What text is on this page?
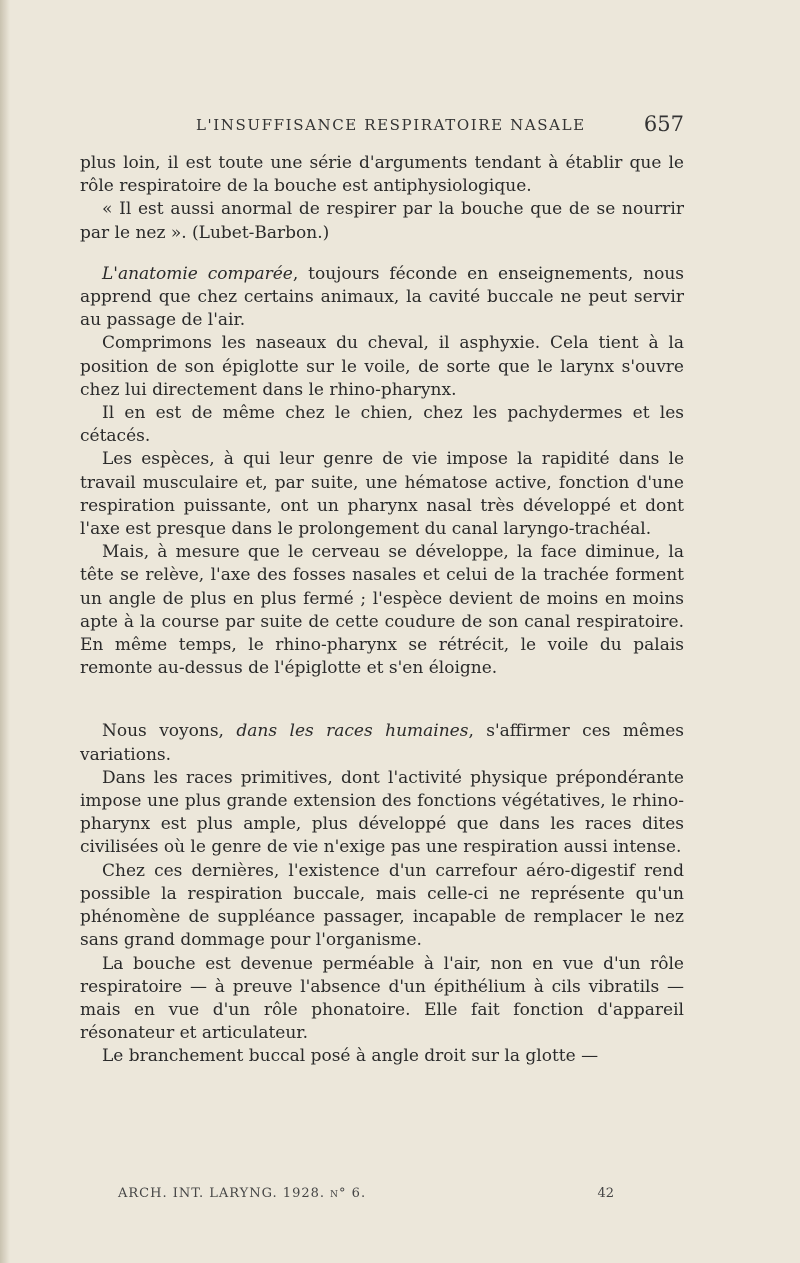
L'INSUFFISANCE RESPIRATOIRE NASALE	657

plus loin, il est toute une série d'arguments tendant à établir que le rôle respiratoire de la bouche est antiphysiologique.

« Il est aussi anormal de respirer par la bouche que de se nourrir par le nez ». (Lubet-Barbon.)

L'anatomie comparée, toujours féconde en enseignements, nous apprend que chez certains animaux, la cavité buccale ne peut servir au passage de l'air.

Comprimons les naseaux du cheval, il asphyxie. Cela tient à la position de son épiglotte sur le voile, de sorte que le larynx s'ouvre chez lui directement dans le rhino-pharynx.

Il en est de même chez le chien, chez les pachydermes et les cétacés.

Les espèces, à qui leur genre de vie impose la rapidité dans le travail musculaire et, par suite, une hématose active, fonction d'une respiration puissante, ont un pharynx nasal très développé et dont l'axe est presque dans le prolongement du canal laryngo-trachéal.

Mais, à mesure que le cerveau se développe, la face diminue, la tête se relève, l'axe des fosses nasales et celui de la trachée forment un angle de plus en plus fermé ; l'espèce devient de moins en moins apte à la course par suite de cette coudure de son canal respiratoire. En même temps, le rhino-pharynx se rétrécit, le voile du palais remonte au-dessus de l'épiglotte et s'en éloigne.

Nous voyons, dans les races humaines, s'affirmer ces mêmes variations.

Dans les races primitives, dont l'activité physique prépondérante impose une plus grande extension des fonctions végétatives, le rhino-pharynx est plus ample, plus développé que dans les races dites civilisées où le genre de vie n'exige pas une respiration aussi intense.

Chez ces dernières, l'existence d'un carrefour aéro-digestif rend possible la respiration buccale, mais celle-ci ne représente qu'un phénomène de suppléance passager, incapable de remplacer le nez sans grand dommage pour l'organisme.

La bouche est devenue perméable à l'air, non en vue d'un rôle respiratoire — à preuve l'absence d'un épithélium à cils vibratils — mais en vue d'un rôle phonatoire. Elle fait fonction d'appareil résonateur et articulateur.

Le branchement buccal posé à angle droit sur la glotte —

ARCH. INT. LARYNG. 1928. n° 6.	42
